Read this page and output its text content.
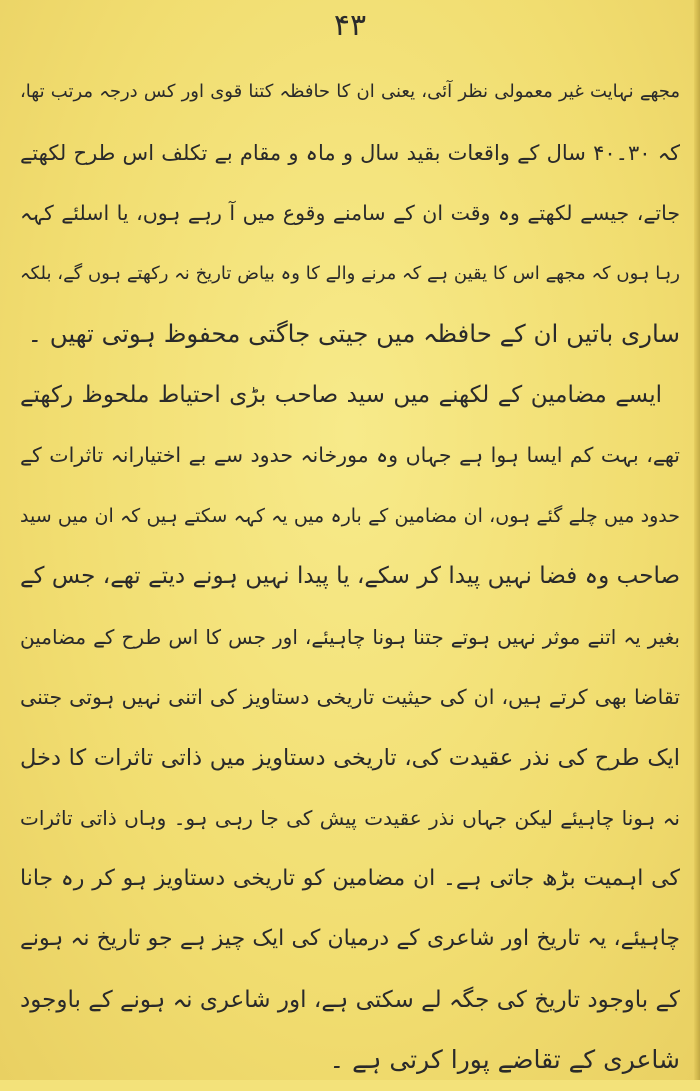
۴۳
مجھے نہایت غیر معمولی نظر آئی، یعنی ان کا حافظہ کتنا قوی اور کس درجہ مرتب تھا،
کہ ۳۰۔۴۰ سال کے واقعات بقید سال و ماہ و مقام بے تکلف اس طرح لکھتے
جاتے، جیسے لکھتے وہ وقت ان کے سامنے وقوع میں آ رہے ہوں، یا اسلئے کہہ
رہا ہوں کہ مجھے اس کا یقین ہے کہ مرنے والے کا وہ بیاض تاریخ نہ رکھتے ہوں گے، بلکہ
ساری باتیں ان کے حافظہ میں جیتی جاگتی محفوظ ہوتی تھیں ۔
ایسے مضامین کے لکھنے میں سید صاحب بڑی احتیاط ملحوظ رکھتے
تھے، بہت کم ایسا ہوا ہے جہاں وہ مورخانہ حدود سے بے اختیارانہ تاثرات کے
حدود میں چلے گئے ہوں، ان مضامین کے بارہ میں یہ کہہ سکتے ہیں کہ ان میں سید
صاحب وہ فضا نہیں پیدا کر سکے، یا پیدا نہیں ہونے دیتے تھے، جس کے
بغیر یہ اتنے موثر نہیں ہوتے جتنا ہونا چاہیئے، اور جس کا اس طرح کے مضامین
تقاضا بھی کرتے ہیں، ان کی حیثیت تاریخی دستاویز کی اتنی نہیں ہوتی جتنی
ایک طرح کی نذر عقیدت کی، تاریخی دستاویز میں ذاتی تاثرات کا دخل
نہ ہونا چاہیئے لیکن جہاں نذر عقیدت پیش کی جا رہی ہو۔ وہاں ذاتی تاثرات
کی اہمیت بڑھ جاتی ہے۔ ان مضامین کو تاریخی دستاویز ہو کر رہ جانا
چاہیئے، یہ تاریخ اور شاعری کے درمیان کی ایک چیز ہے جو تاریخ نہ ہونے
کے باوجود تاریخ کی جگہ لے سکتی ہے، اور شاعری نہ ہونے کے باوجود
شاعری کے تقاضے پورا کرتی ہے ۔
